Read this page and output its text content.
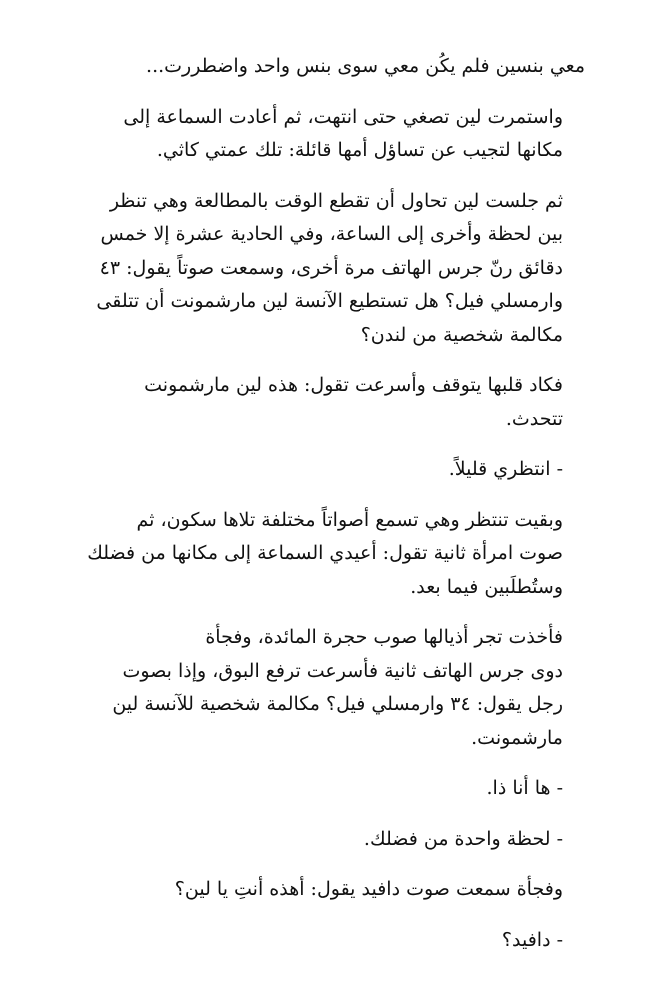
معي بنسين فلم يكُن معي سوى بنس واحد واضطررت...

واستمرت لين تصغي حتى انتهت، ثم أعادت السماعة إلى
مكانها لتجيب عن تساؤل أمها قائلة: تلك عمتي كاثي.

ثم جلست لين تحاول أن تقطع الوقت بالمطالعة وهي تنظر
بين لحظة وأخرى إلى الساعة، وفي الحادية عشرة إلا خمس
دقائق رنّ جرس الهاتف مرة أخرى، وسمعت صوتاً يقول: ٤٣
وارمسلي فيل؟ هل تستطيع الآنسة لين مارشمونت أن تتلقى
مكالمة شخصية من لندن؟

فكاد قلبها يتوقف وأسرعت تقول: هذه لين مارشمونت
تتحدث.

- انتظري قليلاً.

وبقيت تنتظر وهي تسمع أصواتاً مختلفة تلاها سكون، ثم
صوت امرأة ثانية تقول: أعيدي السماعة إلى مكانها من فضلك
وستُطلَبين فيما بعد.

فأخذت تجر أذيالها صوب حجرة المائدة، وفجأة
دوى جرس الهاتف ثانية فأسرعت ترفع البوق، وإذا بصوت
رجل يقول: ٣٤ وارمسلي فيل؟ مكالمة شخصية للآنسة لين
مارشمونت.

- ها أنا ذا.

- لحظة واحدة من فضلك.

وفجأة سمعت صوت دافيد يقول: أهذه أنتِ يا لين؟

- دافيد؟
